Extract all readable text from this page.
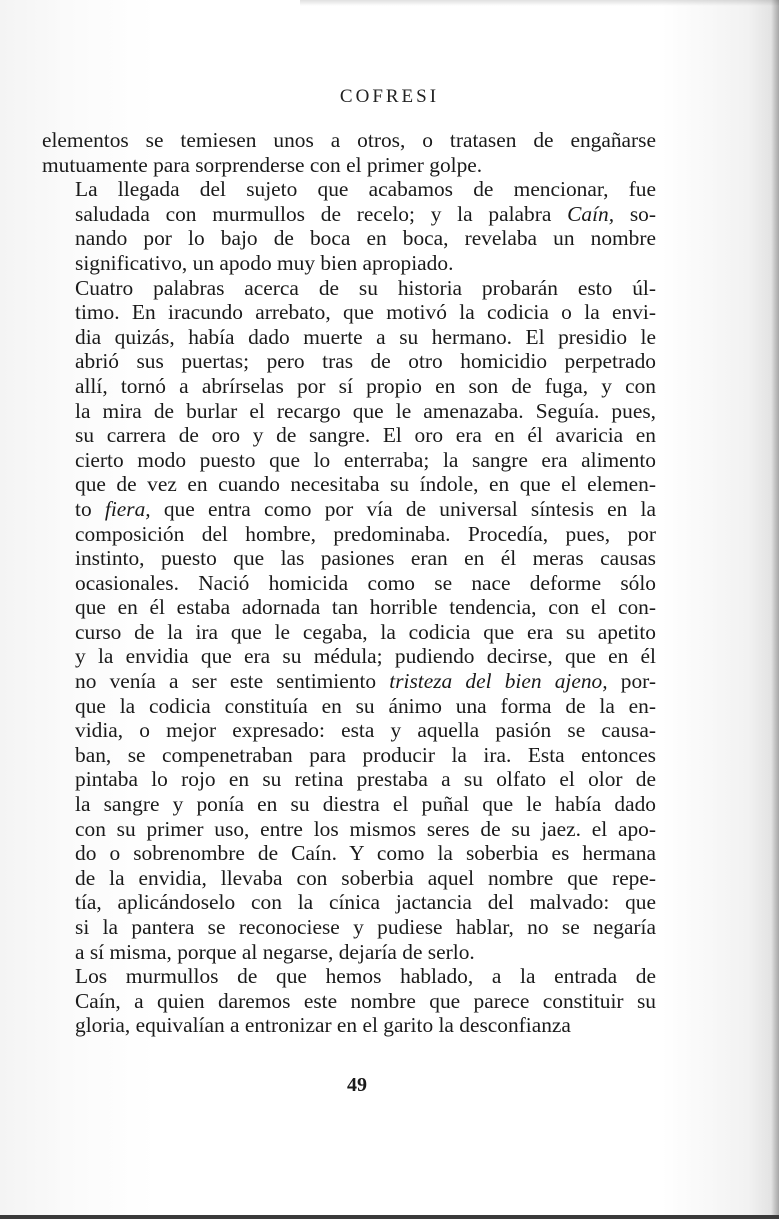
COFRESI
elementos se temiesen unos a otros, o tratasen de engañarse
mutuamente para sorprenderse con el primer golpe.
La llegada del sujeto que acabamos de mencionar, fue
saludada con murmullos de recelo; y la palabra Caín, so-
nando por lo bajo de boca en boca, revelaba un nombre
significativo, un apodo muy bien apropiado.
Cuatro palabras acerca de su historia probarán esto úl-
timo. En iracundo arrebato, que motivó la codicia o la envi-
dia quizás, había dado muerte a su hermano. El presidio le
abrió sus puertas; pero tras de otro homicidio perpetrado
allí, tornó a abrírselas por sí propio en son de fuga, y con
la mira de burlar el recargo que le amenazaba. Seguía. pues,
su carrera de oro y de sangre. El oro era en él avaricia en
cierto modo puesto que lo enterraba; la sangre era alimento
que de vez en cuando necesitaba su índole, en que el elemen-
to fiera, que entra como por vía de universal síntesis en la
composición del hombre, predominaba. Procedía, pues, por
instinto, puesto que las pasiones eran en él meras causas
ocasionales. Nació homicida como se nace deforme sólo
que en él estaba adornada tan horrible tendencia, con el con-
curso de la ira que le cegaba, la codicia que era su apetito
y la envidia que era su médula; pudiendo decirse, que en él
no venía a ser este sentimiento tristeza del bien ajeno, por-
que la codicia constituía en su ánimo una forma de la en-
vidia, o mejor expresado: esta y aquella pasión se causa-
ban, se compenetraban para producir la ira. Esta entonces
pintaba lo rojo en su retina prestaba a su olfato el olor de
la sangre y ponía en su diestra el puñal que le había dado
con su primer uso, entre los mismos seres de su jaez. el apo-
do o sobrenombre de Caín. Y como la soberbia es hermana
de la envidia, llevaba con soberbia aquel nombre que repe-
tía, aplicándoselo con la cínica jactancia del malvado: que
si la pantera se reconociese y pudiese hablar, no se negaría
a sí misma, porque al negarse, dejaría de serlo.
Los murmullos de que hemos hablado, a la entrada de
Caín, a quien daremos este nombre que parece constituir su
gloria, equivalían a entronizar en el garito la desconfianza
49
